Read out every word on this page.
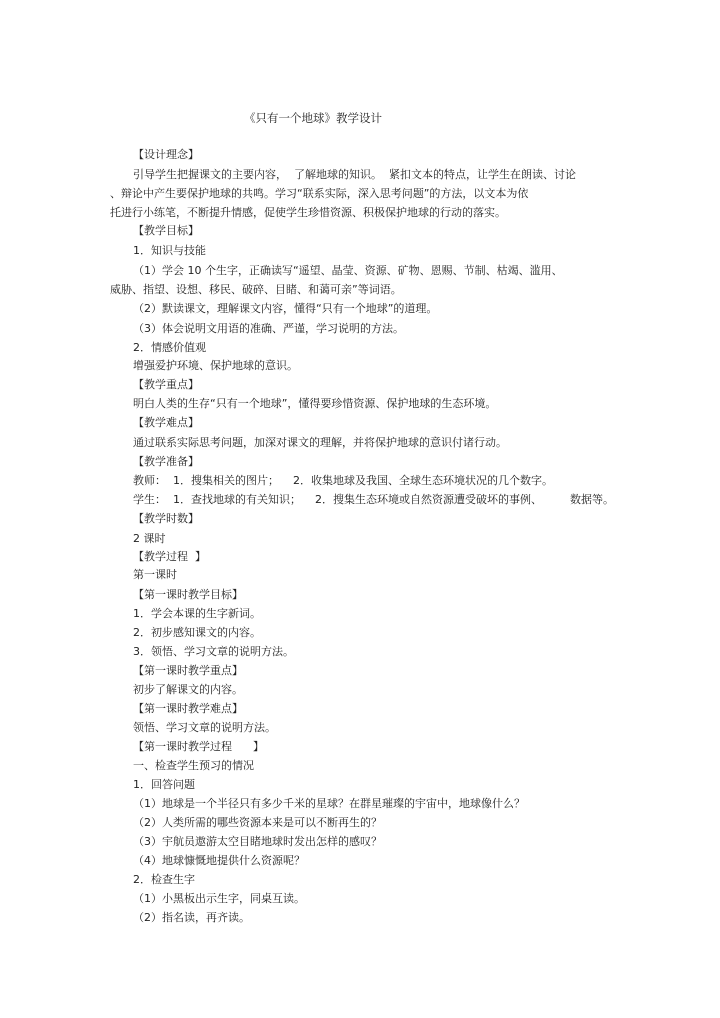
《只有一个地球》教学设计
【设计理念】
引导学生把握课文的主要内容，  了解地球的知识。  紧扣文本的特点，让学生在朗读、讨论
、辩论中产生要保护地球的共鸣。学习“联系实际，深入思考问题”的方法，以文本为依
托进行小练笔，不断提升情感，促使学生珍惜资源、积极保护地球的行动的落实。
【教学目标】
1．知识与技能
（1）学会 10 个生字，正确读写“遥望、晶莹、资源、矿物、恩赐、节制、枯竭、滥用、
威胁、指望、设想、移民、破碎、目睹、和蔼可亲”等词语。
（2）默读课文，理解课文内容，懂得“只有一个地球”的道理。
（3）体会说明文用语的准确、严谨，学习说明的方法。
2．情感价值观
增强爱护环境、保护地球的意识。
【教学重点】
明白人类的生存“只有一个地球”，懂得要珍惜资源、保护地球的生态环境。
【教学难点】
通过联系实际思考问题，加深对课文的理解，并将保护地球的意识付诸行动。
【教学准备】
教师：  1．搜集相关的图片；    2．收集地球及我国、全球生态环境状况的几个数字。
学生：  1．查找地球的有关知识；    2．搜集生态环境或自然资源遭受破坏的事例、        数据等。
【教学时数】
2 课时
【教学过程  】
第一课时
【第一课时教学目标】
1．学会本课的生字新词。
2．初步感知课文的内容。
3．领悟、学习文章的说明方法。
【第一课时教学重点】
初步了解课文的内容。
【第一课时教学难点】
领悟、学习文章的说明方法。
【第一课时教学过程      】
一、检查学生预习的情况
1．回答问题
（1）地球是一个半径只有多少千米的星球？在群星璀璨的宇宙中，地球像什么？
（2）人类所需的哪些资源本来是可以不断再生的？
（3）宇航员遨游太空目睹地球时发出怎样的感叹？
（4）地球慷慨地提供什么资源呢？
2．检查生字
（1）小黑板出示生字，同桌互读。
（2）指名读，再齐读。
